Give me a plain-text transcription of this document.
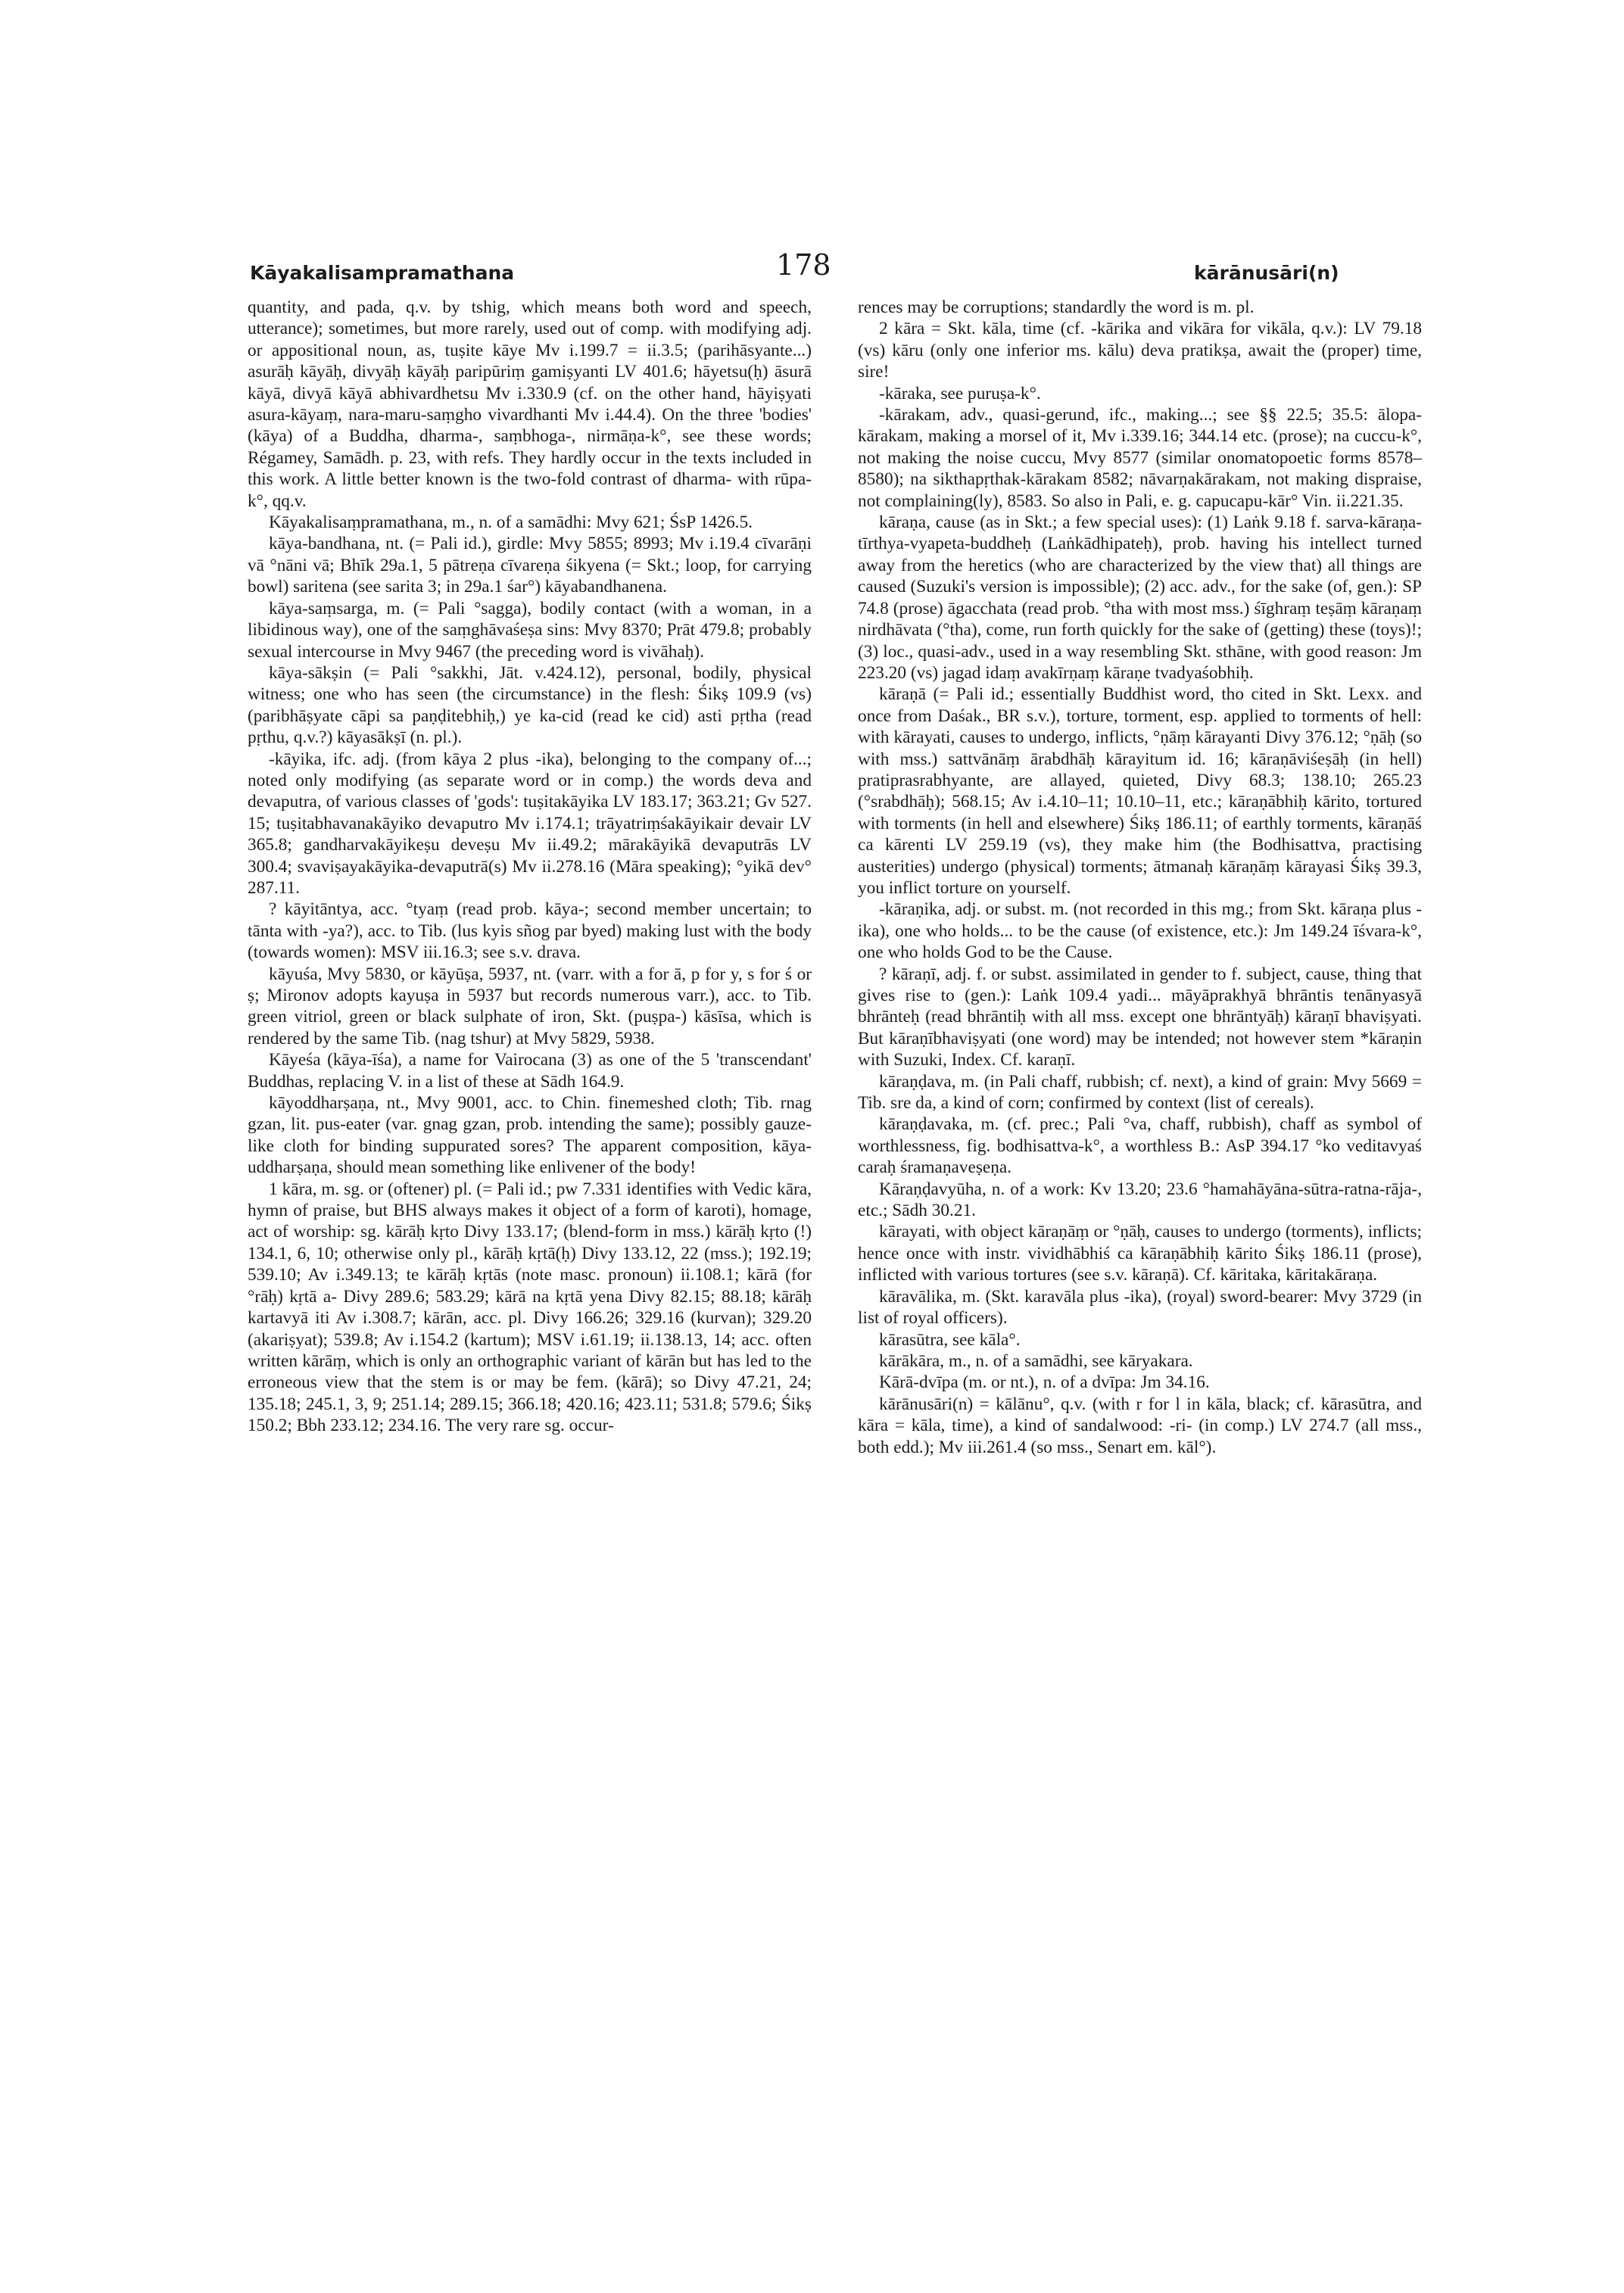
Kāyakalisampramathana	178	kārānusāri(n)

quantity, and pada, q.v. by tshig, which means both word and speech, utterance); sometimes, but more rarely, used out of comp. with modifying adj. or appositional noun, as, tuṣite kāye Mv i.199.7 = ii.3.5; (parihāsyante...) asurāḥ kāyāḥ, divyāḥ kāyāḥ paripūriṃ gamiṣyanti LV 401.6; hāyetsu(ḥ) āsurā kāyā, divyā kāyā abhivardhetsu Mv i.330.9 (cf. on the other hand, hāyiṣyati asura-kāyaṃ, nara-maru-saṃgho vivardhanti Mv i.44.4). On the three 'bodies' (kāya) of a Buddha, dharma-, saṃbhoga-, nirmāṇa-k°, see these words; Régamey, Samādh. p. 23, with refs. They hardly occur in the texts included in this work. A little better known is the two-fold contrast of dharma- with rūpa-k°, qq.v.

Kāyakalisaṃpramathana, m., n. of a samādhi: Mvy 621; ŚsP 1426.5.

kāya-bandhana, nt. (= Pali id.), girdle: Mvy 5855; 8993; Mv i.19.4 cīvarāṇi vā °nāni vā; Bhīk 29a.1, 5 pātreṇa cīvareṇa śikyena (= Skt.; loop, for carrying bowl) saritena (see sarita 3; in 29a.1 śar°) kāyabandhanena.

kāya-saṃsarga, m. (= Pali °sagga), bodily contact (with a woman, in a libidinous way), one of the saṃghāvaśeṣa sins: Mvy 8370; Prāt 479.8; probably sexual intercourse in Mvy 9467 (the preceding word is vivāhaḥ).

kāya-sākṣin (= Pali °sakkhi, Jāt. v.424.12), personal, bodily, physical witness; one who has seen (the circumstance) in the flesh: Śikṣ 109.9 (vs) (paribhāṣyate cāpi sa paṇḍitebhiḥ,) ye ka-cid (read ke cid) asti pṛtha (read pṛthu, q.v.?) kāyasākṣī (n. pl.).

-kāyika, ifc. adj. (from kāya 2 plus -ika), belonging to the company of...; noted only modifying (as separate word or in comp.) the words deva and devaputra, of various classes of 'gods': tuṣitakāyika LV 183.17; 363.21; Gv 527. 15; tuṣitabhavanakāyiko devaputro Mv i.174.1; trāyatriṃśakāyikair devair LV 365.8; gandharvakāyikeṣu deveṣu Mv ii.49.2; mārakāyikā devaputrās LV 300.4; svaviṣayakāyika-devaputrā(s) Mv ii.278.16 (Māra speaking); °yikā dev° 287.11.

? kāyitāntya, acc. °tyaṃ (read prob. kāya-; second member uncertain; to tānta with -ya?), acc. to Tib. (lus kyis sñog par byed) making lust with the body (towards women): MSV iii.16.3; see s.v. drava.

kāyuśa, Mvy 5830, or kāyūṣa, 5937, nt. (varr. with a for ā, p for y, s for ś or ṣ; Mironov adopts kayuṣa in 5937 but records numerous varr.), acc. to Tib. green vitriol, green or black sulphate of iron, Skt. (puṣpa-) kāsīsa, which is rendered by the same Tib. (nag tshur) at Mvy 5829, 5938.

Kāyeśa (kāya-īśa), a name for Vairocana (3) as one of the 5 'transcendant' Buddhas, replacing V. in a list of these at Sādh 164.9.

kāyoddharṣaṇa, nt., Mvy 9001, acc. to Chin. finemeshed cloth; Tib. rnag gzan, lit. pus-eater (var. gnag gzan, prob. intending the same); possibly gauze-like cloth for binding suppurated sores? The apparent composition, kāya-uddharṣaṇa, should mean something like enlivener of the body!

1 kāra, m. sg. or (oftener) pl. (= Pali id.; pw 7.331 identifies with Vedic kāra, hymn of praise, but BHS always makes it object of a form of karoti), homage, act of worship: sg. kārāḥ kṛto Divy 133.17; (blend-form in mss.) kārāḥ kṛto (!) 134.1, 6, 10; otherwise only pl., kārāḥ kṛtā(ḥ) Divy 133.12, 22 (mss.); 192.19; 539.10; Av i.349.13; te kārāḥ kṛtās (note masc. pronoun) ii.108.1; kārā (for °rāḥ) kṛtā a- Divy 289.6; 583.29; kārā na kṛtā yena Divy 82.15; 88.18; kārāḥ kartavyā iti Av i.308.7; kārān, acc. pl. Divy 166.26; 329.16 (kurvan); 329.20 (akariṣyat); 539.8; Av i.154.2 (kartum); MSV i.61.19; ii.138.13, 14; acc. often written kārāṃ, which is only an orthographic variant of kārān but has led to the erroneous view that the stem is or may be fem. (kārā); so Divy 47.21, 24; 135.18; 245.1, 3, 9; 251.14; 289.15; 366.18; 420.16; 423.11; 531.8; 579.6; Śikṣ 150.2; Bbh 233.12; 234.16. The very rare sg. occur-

rences may be corruptions; standardly the word is m. pl.

2 kāra = Skt. kāla, time (cf. -kārika and vikāra for vikāla, q.v.): LV 79.18 (vs) kāru (only one inferior ms. kālu) deva pratikṣa, await the (proper) time, sire!

-kāraka, see puruṣa-k°.

-kārakam, adv., quasi-gerund, ifc., making...; see §§ 22.5; 35.5: ālopa-kārakam, making a morsel of it, Mv i.339.16; 344.14 etc. (prose); na cuccu-k°, not making the noise cuccu, Mvy 8577 (similar onomatopoetic forms 8578–8580); na sikthapṛthak-kārakam 8582; nāvarṇakārakam, not making dispraise, not complaining(ly), 8583. So also in Pali, e. g. capucapu-kār° Vin. ii.221.35.

kāraṇa, cause (as in Skt.; a few special uses): (1) Laṅk 9.18 f. sarva-kāraṇa-tīrthya-vyapeta-buddheḥ (Laṅkādhipateḥ), prob. having his intellect turned away from the heretics (who are characterized by the view that) all things are caused (Suzuki's version is impossible); (2) acc. adv., for the sake (of, gen.): SP 74.8 (prose) āgacchata (read prob. °tha with most mss.) śīghraṃ teṣāṃ kāraṇaṃ nirdhāvata (°tha), come, run forth quickly for the sake of (getting) these (toys)!; (3) loc., quasi-adv., used in a way resembling Skt. sthāne, with good reason: Jm 223.20 (vs) jagad idaṃ avakīrṇaṃ kāraṇe tvadyaśobhiḥ.

kāraṇā (= Pali id.; essentially Buddhist word, tho cited in Skt. Lexx. and once from Daśak., BR s.v.), torture, torment, esp. applied to torments of hell: with kārayati, causes to undergo, inflicts, °ṇāṃ kārayanti Divy 376.12; °ṇāḥ (so with mss.) sattvānāṃ ārabdhāḥ kārayitum id. 16; kāraṇāviśeṣāḥ (in hell) pratiprasrabhyante, are allayed, quieted, Divy 68.3; 138.10; 265.23 (°srabdhāḥ); 568.15; Av i.4.10–11; 10.10–11, etc.; kāraṇābhiḥ kārito, tortured with torments (in hell and elsewhere) Śikṣ 186.11; of earthly torments, kāraṇāś ca kārenti LV 259.19 (vs), they make him (the Bodhisattva, practising austerities) undergo (physical) torments; ātmanaḥ kāraṇāṃ kārayasi Śikṣ 39.3, you inflict torture on yourself.

-kāraṇika, adj. or subst. m. (not recorded in this mg.; from Skt. kāraṇa plus -ika), one who holds... to be the cause (of existence, etc.): Jm 149.24 īśvara-k°, one who holds God to be the Cause.

? kāraṇī, adj. f. or subst. assimilated in gender to f. subject, cause, thing that gives rise to (gen.): Laṅk 109.4 yadi... māyāprakhyā bhrāntis tenānyasyā bhrānteḥ (read bhrāntiḥ with all mss. except one bhrāntyāḥ) kāraṇī bhaviṣyati. But kāraṇībhaviṣyati (one word) may be intended; not however stem *kāraṇin with Suzuki, Index. Cf. karaṇī.

kāraṇḍava, m. (in Pali chaff, rubbish; cf. next), a kind of grain: Mvy 5669 = Tib. sre da, a kind of corn; confirmed by context (list of cereals).

kāraṇḍavaka, m. (cf. prec.; Pali °va, chaff, rubbish), chaff as symbol of worthlessness, fig. bodhisattva-k°, a worthless B.: AsP 394.17 °ko veditavyaś caraḥ śramaṇaveṣeṇa.

Kāraṇḍavyūha, n. of a work: Kv 13.20; 23.6 °hamahāyāna-sūtra-ratna-rāja-, etc.; Sādh 30.21.

kārayati, with object kāraṇāṃ or °ṇāḥ, causes to undergo (torments), inflicts; hence once with instr. vividhābhiś ca kāraṇābhiḥ kārito Śikṣ 186.11 (prose), inflicted with various tortures (see s.v. kāraṇā). Cf. kāritaka, kāritakāraṇa.

kāravālika, m. (Skt. karavāla plus -ika), (royal) sword-bearer: Mvy 3729 (in list of royal officers).

kārasūtra, see kāla°.

kārākāra, m., n. of a samādhi, see kāryakara.

Kārā-dvīpa (m. or nt.), n. of a dvīpa: Jm 34.16.

kārānusāri(n) = kālānu°, q.v. (with r for l in kāla, black; cf. kārasūtra, and kāra = kāla, time), a kind of sandalwood: -ri- (in comp.) LV 274.7 (all mss., both edd.); Mv iii.261.4 (so mss., Senart em. kāl°).
